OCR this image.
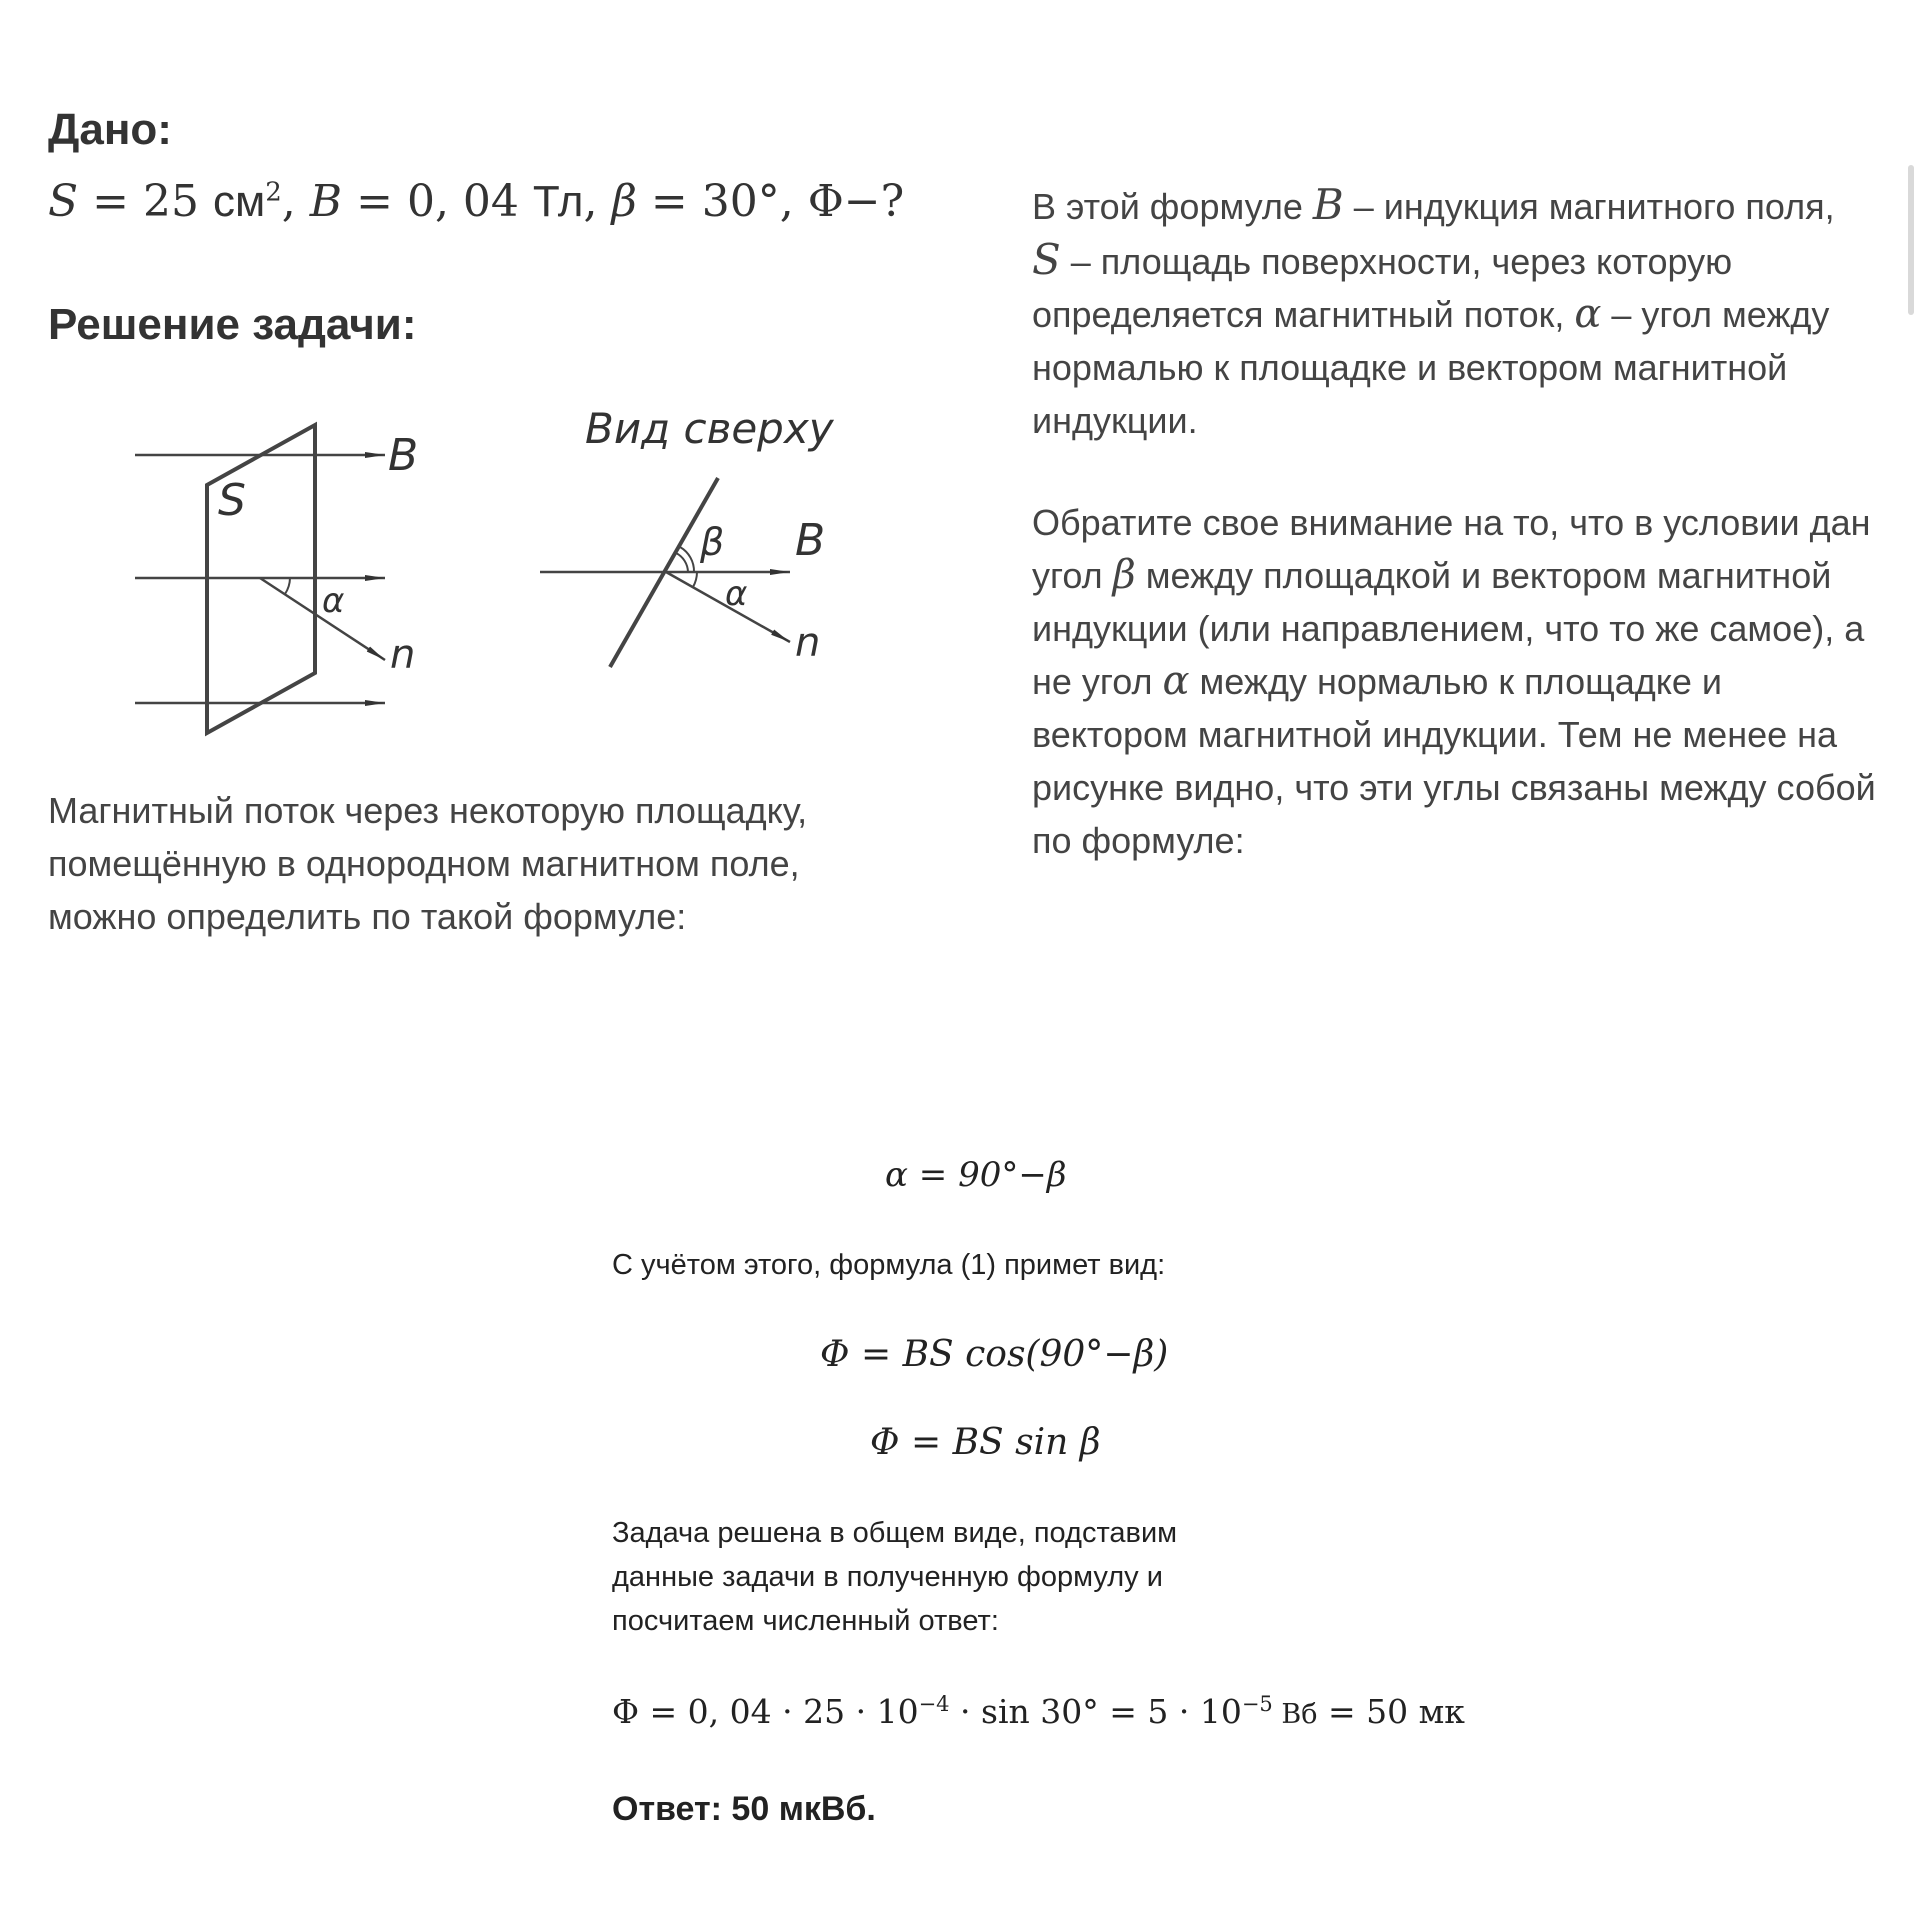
Дано:
S = 25 $см^2$, B = 0, 04 Тл, β = 30°, Φ−?
Решение задачи:
B
S
α
n
Вид сверху
β B
α
n
Магнитный поток через некоторую площадку, помещённую в однородном магнитном поле, можно определить по такой формуле:
В этой формуле B – индукция магнитного поля, S – площадь поверхности, через которую определяется магнитный поток, α – угол между нормалью к площадке и вектором магнитной индукции.
Обратите свое внимание на то, что в условии дан угол β между площадкой и вектором магнитной индукции (или направлением, что то же самое), а не угол α между нормалью к площадке и вектором магнитной индукции. Тем не менее на рисунке видно, что эти углы связаны между собой по формуле:
α = 90°−β
С учётом этого, формула (1) примет вид:
Φ = BS cos(90°−β)
Φ = BS sin β
Задача решена в общем виде, подставим данные задачи в полученную формулу и посчитаем численный ответ:
Φ = 0, $04 \cdot 25 \cdot 10^{-4} \cdot \sin 30^\circ = 5 \cdot 10^{-5}$ Вб = 50 мк
Ответ: 50 мкВб.
